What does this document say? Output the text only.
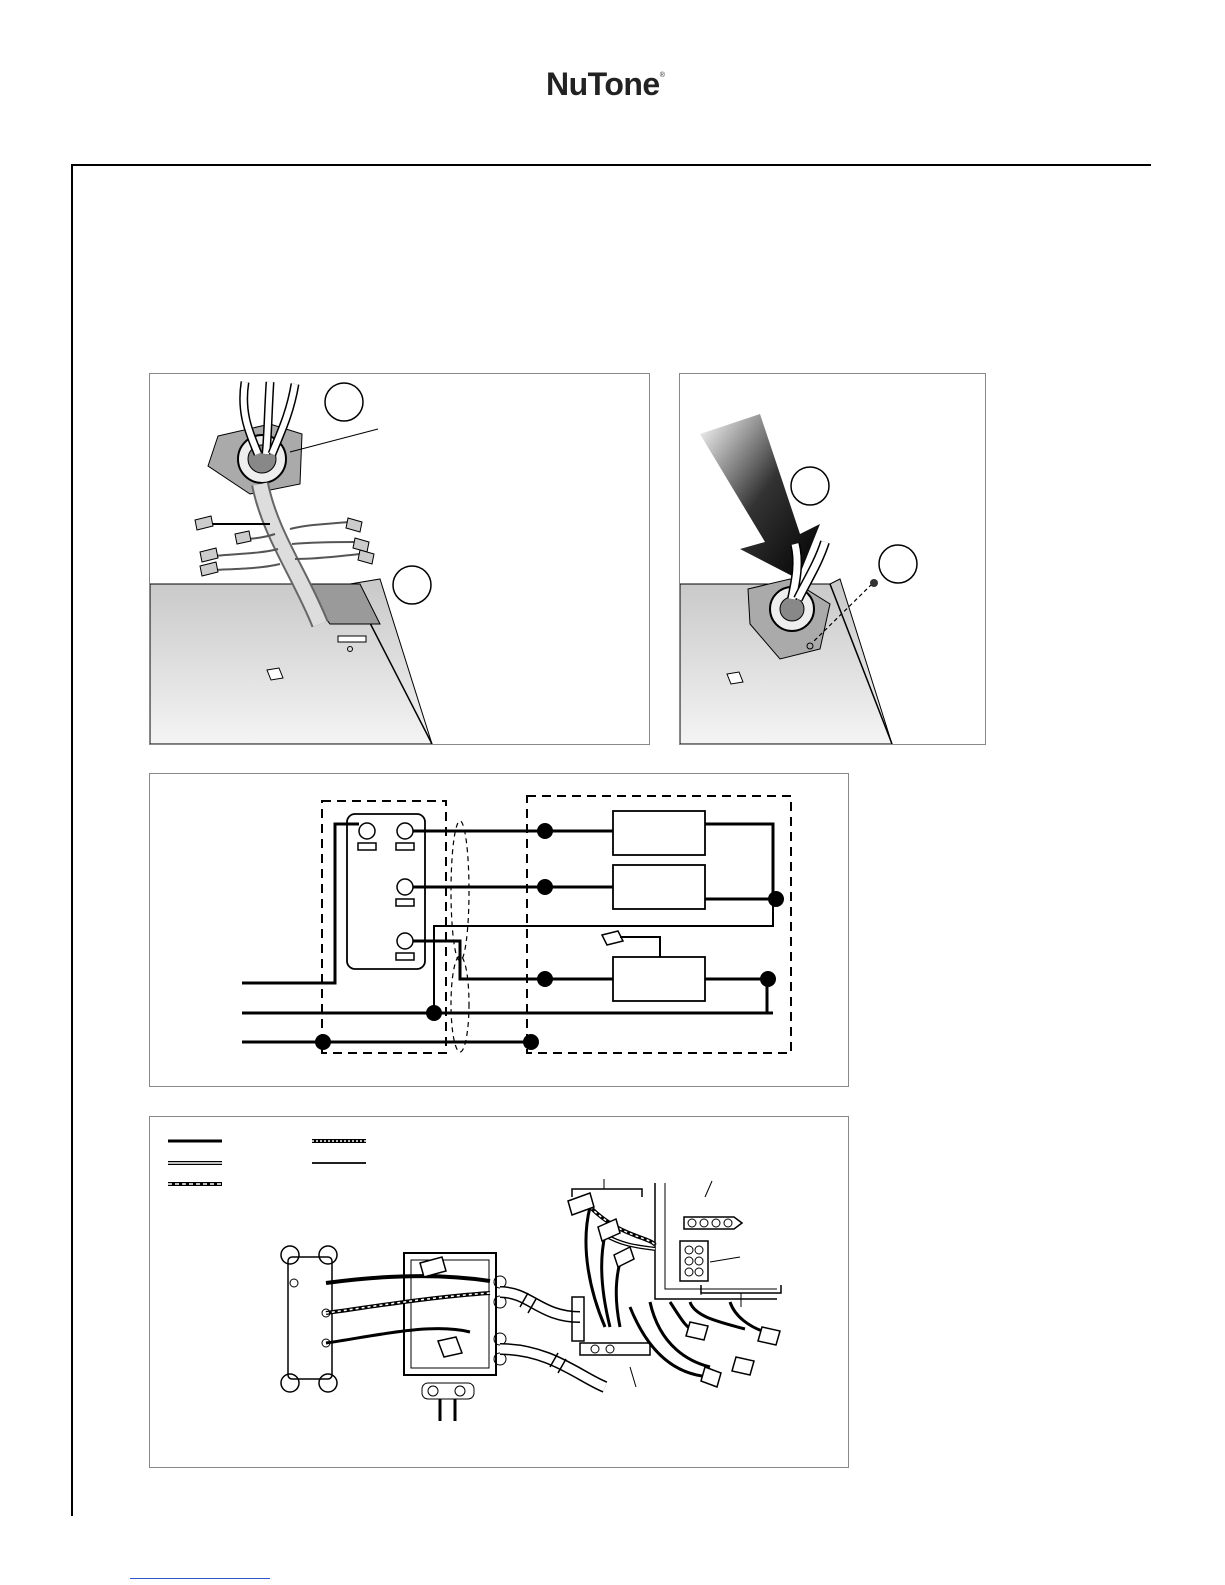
NuTone®
